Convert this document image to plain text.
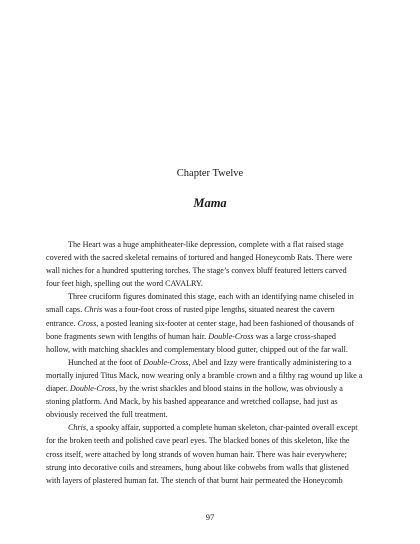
Chapter Twelve
Mama

The Heart was a huge amphitheater-like depression, complete with a flat raised stage
covered with the sacred skeletal remains of tortured and hanged Honeycomb Rats. There were
wall niches for a hundred sputtering torches. The stage’s convex bluff featured letters carved
four feet high, spelling out the word CAVALRY.

Three cruciform figures dominated this stage, each with an identifying name chiseled in
small caps. Chris was a four-foot cross of rusted pipe lengths, situated nearest the cavern
entrance. Cross, a posted leaning six-footer at center stage, had been fashioned of thousands of
bone fragments sewn with lengths of human hair. Double-Cross was a large cross-shaped
hollow, with matching shackles and complementary blood gutter, chipped out of the far wall.

Hunched at the foot of Double-Cross, Abel and Izzy were frantically administering to a
mortally injured Titus Mack, now wearing only a bramble crown and a filthy rag wound up like a
diaper. Double-Cross, by the wrist shackles and blood stains in the hollow, was obviously a
stoning platform. And Mack, by his bashed appearance and wretched collapse, had just as
obviously received the full treatment.

Chris, a spooky affair, supported a complete human skeleton, char-painted overall except
for the broken teeth and polished cave pearl eyes. The blacked bones of this skeleton, like the
cross itself, were attached by long strands of woven human hair. There was hair everywhere;
strung into decorative coils and streamers, hung about like cobwebs from walls that glistened
with layers of plastered human fat. The stench of that burnt hair permeated the Honeycomb

97
